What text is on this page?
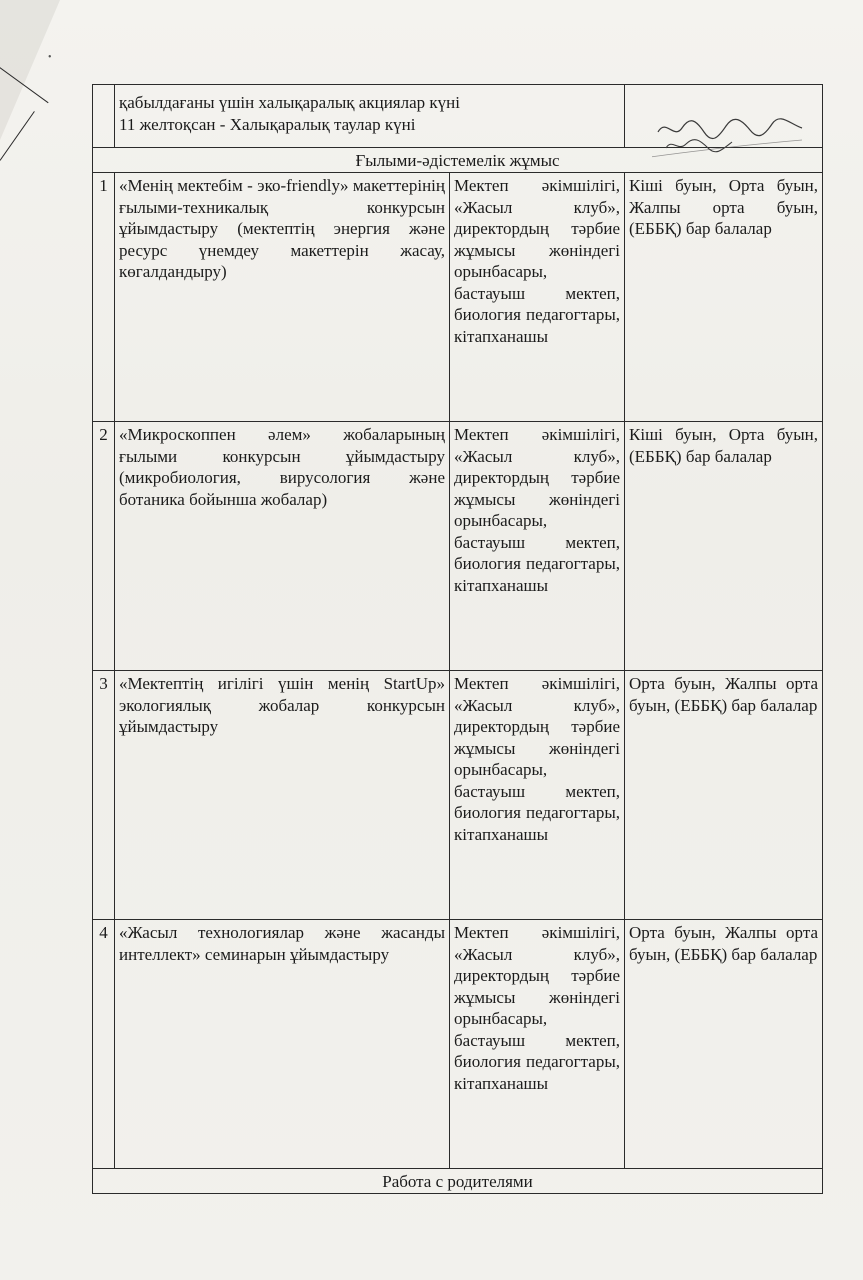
•

	қабылдағаны үшін халықаралық акциялар күні
11 желтоқсан - Халықаралық таулар күні		

Ғылыми-әдістемелік жұмыс			
1	«Менің мектебім - эко-friendly» макеттерінің ғылыми-техникалық конкурсын ұйымдастыру (мектептің энергия және ресурс үнемдеу макеттерін жасау, көгалдандыру)	Мектеп әкімшілігі, «Жасыл клуб», директордың тәрбие жұмысы жөніндегі орынбасары, бастауыш мектеп, биология педагогтары, кітапханашы	Кіші буын, Орта буын, Жалпы орта буын, (ЕББҚ) бар балалар
2	«Микроскоппен әлем» жобаларының ғылыми конкурсын ұйымдастыру (микробиология, вирусология және ботаника бойынша жобалар)	Мектеп әкімшілігі, «Жасыл клуб», директордың тәрбие жұмысы жөніндегі орынбасары, бастауыш мектеп, биология педагогтары, кітапханашы	Кіші буын, Орта буын, (ЕББҚ) бар балалар
3	«Мектептің игілігі үшін менің StartUp» экологиялық жобалар конкурсын ұйымдастыру	Мектеп әкімшілігі, «Жасыл клуб», директордың тәрбие жұмысы жөніндегі орынбасары, бастауыш мектеп, биология педагогтары, кітапханашы	Орта буын, Жалпы орта буын, (ЕББҚ) бар балалар
4	«Жасыл технологиялар және жасанды интеллект» семинарын ұйымдастыру	Мектеп әкімшілігі, «Жасыл клуб», директордың тәрбие жұмысы жөніндегі орынбасары, бастауыш мектеп, биология педагогтары, кітапханашы	Орта буын, Жалпы орта буын, (ЕББҚ) бар балалар
Работа с родителями			
